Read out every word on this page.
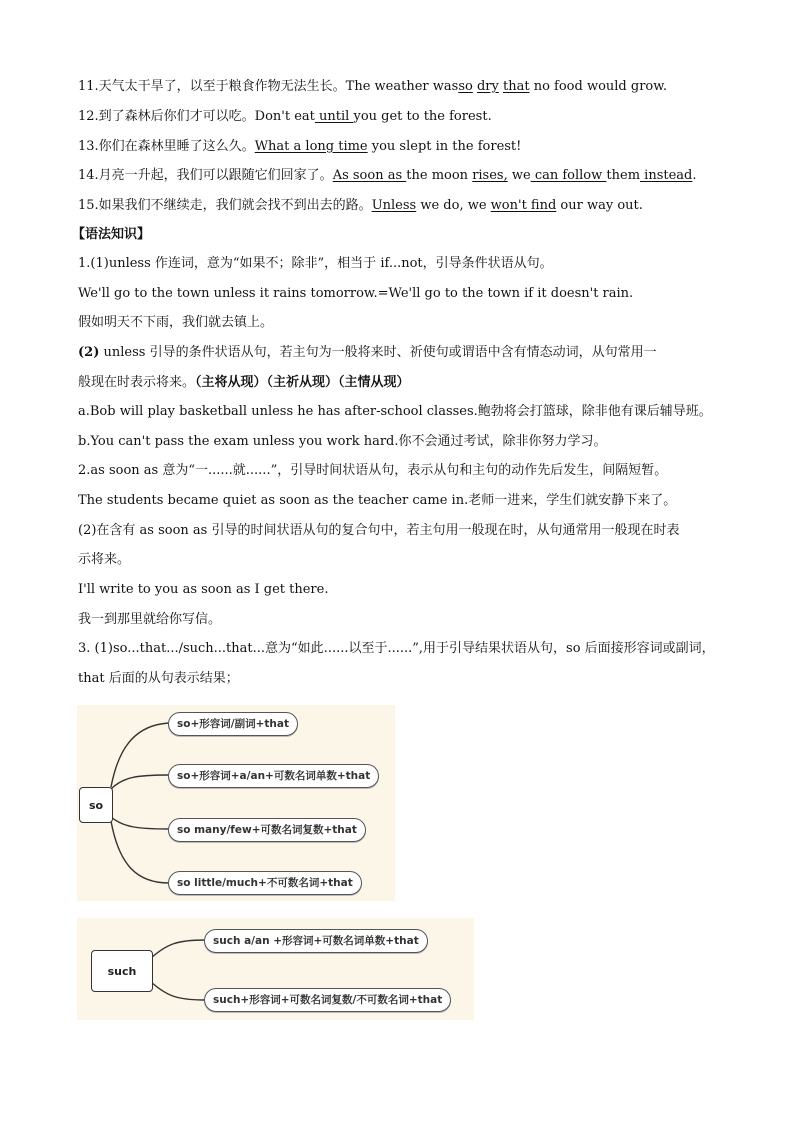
11.天气太干旱了，以至于粮食作物无法生长。The weather wasso dry that no food would grow.
12.到了森林后你们才可以吃。Don't eat until you get to the forest.
13.你们在森林里睡了这么久。What a long time you slept in the forest!
14.月亮一升起，我们可以跟随它们回家了。As soon as the moon rises, we can follow them instead.
15.如果我们不继续走，我们就会找不到出去的路。Unless we do, we won't find our way out.
【语法知识】
1.(1)unless 作连词，意为“如果不；除非”，相当于 if...not，引导条件状语从句。
We'll go to the town unless it rains tomorrow.=We'll go to the town if it doesn't rain.
假如明天不下雨，我们就去镇上。
(2) unless 引导的条件状语从句，若主句为一般将来时、祈使句或谓语中含有情态动词，从句常用一
般现在时表示将来。（主将从现）（主祈从现）（主情从现）
a.Bob will play basketball unless he has after-school classes.鲍勃将会打篮球，除非他有课后辅导班。
b.You can't pass the exam unless you work hard.你不会通过考试，除非你努力学习。
2.as soon as 意为“一......就......”，引导时间状语从句，表示从句和主句的动作先后发生，间隔短暂。
The students became quiet as soon as the teacher came in.老师一进来，学生们就安静下来了。
(2)在含有 as soon as 引导的时间状语从句的复合句中，若主句用一般现在时，从句通常用一般现在时表
示将来。
I'll write to you as soon as I get there.
我一到那里就给你写信。
3. (1)so...that.../such...that...意为“如此......以至于......”,用于引导结果状语从句，so 后面接形容词或副词，
that 后面的从句表示结果；
so
so+形容词/副词+that
so+形容词+a/an+可数名词单数+that
so many/few+可数名词复数+that
so little/much+不可数名词+that
such
such a/an +形容词+可数名词单数+that
such+形容词+可数名词复数/不可数名词+that
